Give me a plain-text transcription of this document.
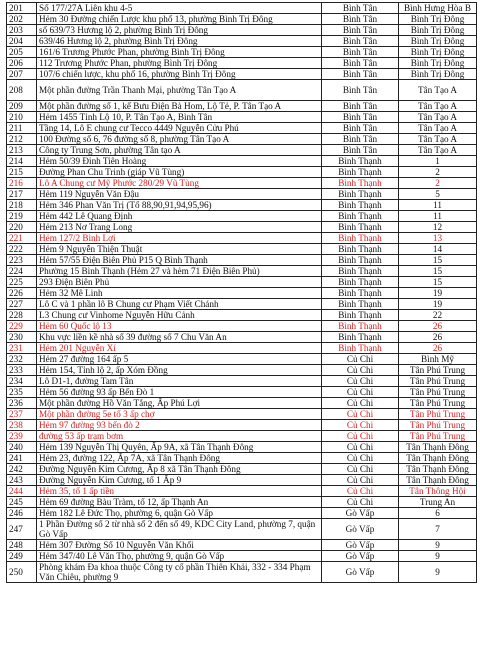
201	Số 177/27A Liên khu 4-5	Bình Tân	Bình Hưng Hòa B
202	Hẻm 30 Đường chiến Lược khu phố 13, phường Bình Trị Đông	Bình Tân	Bình Trị Đông
203	số 639/73 Hương lộ 2, phường Bình Trị Đông	Bình Tân	Bình Trị Đông
204	639/46 Hương lộ 2, phường Bình Trị Đông	Bình Tân	Bình Trị Đông
205	161/6 Trương Phước Phan, phường Bình Trị Đông	Bình Tân	Bình Trị Đông
206	112 Trương Phước Phan, phường Bình Trị Đông	Bình Tân	Bình Trị Đông
207	107/6 chiến lược, khu phố 16, phường Bình Trị Đông	Bình Tân	Bình Trị Đông
208	Một phần đường Trần Thanh Mại, phường Tân Tạo A	Bình Tân	Tân Tạo A
209	Một phần đường số 1, kế Bưu Điện Bà Hom, Lộ Tẻ, P. Tân Tạo A	Bình Tân	Tân Tạo A
210	Hẻm 1455 Tỉnh Lộ 10, P. Tân Tạo A, Bình Tân	Bình Tân	Tân Tạo A
211	Tầng 14, Lô E chung cư Tecco 4449 Nguyễn Cửu Phú	Bình Tân	Tân Tạo A
212	100 Đường số 6, 76 đường số 8, phường Tân Tạo A	Bình Tân	Tân Tạo A
213	Công ty Trung Sơn, phường Tân tạo A	Bình Tân	Tân Tạo A
214	Hẻm 50/39 Đinh Tiên Hoàng	Bình Thạnh	1
215	Đường Phan Chu Trinh (giáp Vũ Tùng)	Bình Thạnh	2
216	Lô A Chung cư Mỹ Phước 280/29 Vũ Tùng	Bình Thạnh	2
217	Hẻm 119 Nguyễn Văn Đậu	Bình Thạnh	5
218	Hẻm 346 Phan Văn Trị (Tổ 88,90,91,94,95,96)	Bình Thạnh	11
219	Hẻm 442 Lê Quang Định	Bình Thạnh	11
220	Hẻm 213 Nơ Trang Long	Bình Thạnh	12
221	Hẻm 127/2 Bình Lợi	Bình Thạnh	13
222	Hẻm 9 Nguyễn Thiện Thuật	Bình Thạnh	14
223	Hẻm 57/55 Điện Biên Phủ P15 Q Bình Thạnh	Bình Thạnh	15
224	Phường 15 Bình Thạnh (Hẻm 27 và hẻm 71 Điện Biên Phủ)	Bình Thạnh	15
225	293 Điện Biên Phủ	Bình Thạnh	15
226	Hẻm 32 Mê Linh	Bình Thạnh	19
227	Lô C và 1 phần lô B Chung cư Phạm Viết Chánh	Bình Thạnh	19
228	L3 Chung cư Vinhome Nguyễn Hữu Cảnh	Bình Thạnh	22
229	Hẻm 60 Quốc lộ 13	Bình Thạnh	26
230	Khu vực liền kề nhà số 39 đường số 7 Chu Văn An	Bình Thạnh	26
231	Hẻm 201 Nguyễn Xí	Bình Thạnh	26
232	Hẻm 27 đường 164 ấp 5	Củ Chi	Bình Mỹ
233	Hẻm 154, Tỉnh lộ 2, ấp Xóm Đồng	Củ Chi	Tân Phú Trung
234	Lô D1-1, đường Tam Tân	Củ Chi	Tân Phú Trung
235	Hẻm 56 đường 93 ấp Bến Đò 1	Củ Chi	Tân Phú Trung
236	Một phần đường Hồ Văn Tắng, Ấp Phú Lợi	Củ Chi	Tân Phú Trung
237	Một phần đường 5e tổ 3 ấp chợ	Củ Chi	Tân Phú Trung
238	Hẻm 97 đường 93 bến đò 2	Củ Chi	Tân Phú Trung
239	đường 53 ấp trạm bơm	Củ Chi	Tân Phú Trung
240	Hẻm 139 Nguyễn Thị Quyên, Ấp 9A, xã Tân Thạnh Đông	Củ Chi	Tân Thạnh Đông
241	Hẻm 23, đường 122, Ấp 7A, xã Tân Thạnh Đông	Củ Chi	Tân Thạnh Đông
242	Đường Nguyễn Kim Cương, Ấp 8 xã Tân Thạnh Đông	Củ Chi	Tân Thạnh Đông
243	Đường Nguyễn Kim Cương, tổ 1 Ấp 9	Củ Chi	Tân Thạnh Đông
244	Hẻm 35, tổ 1 ấp tiền	Củ Chi	Tân Thông Hội
245	Hẻm 69 đường Bàu Tràm, tổ 12, ấp Thạnh An	Củ Chi	Trung An
246	Hẻm 182 Lê Đức Thọ, phường 6, quận Gò Vấp	Gò Vấp	6
247	1 Phần Đường số 2 từ nhà số 2 đến số 49, KDC City Land, phường 7, quận Gò Vấp	Gò Vấp	7
248	Hẻm 307 Đường Số 10 Nguyễn Văn Khối	Gò Vấp	9
249	Hẻm 347/40 Lê Văn Thọ, phường 9, quận Gò Vấp	Gò Vấp	9
250	Phòng khám Đa khoa thuộc Công ty cổ phần Thiên Khải, 332 - 334 Phạm Văn Chiêu, phường 9	Gò Vấp	9
